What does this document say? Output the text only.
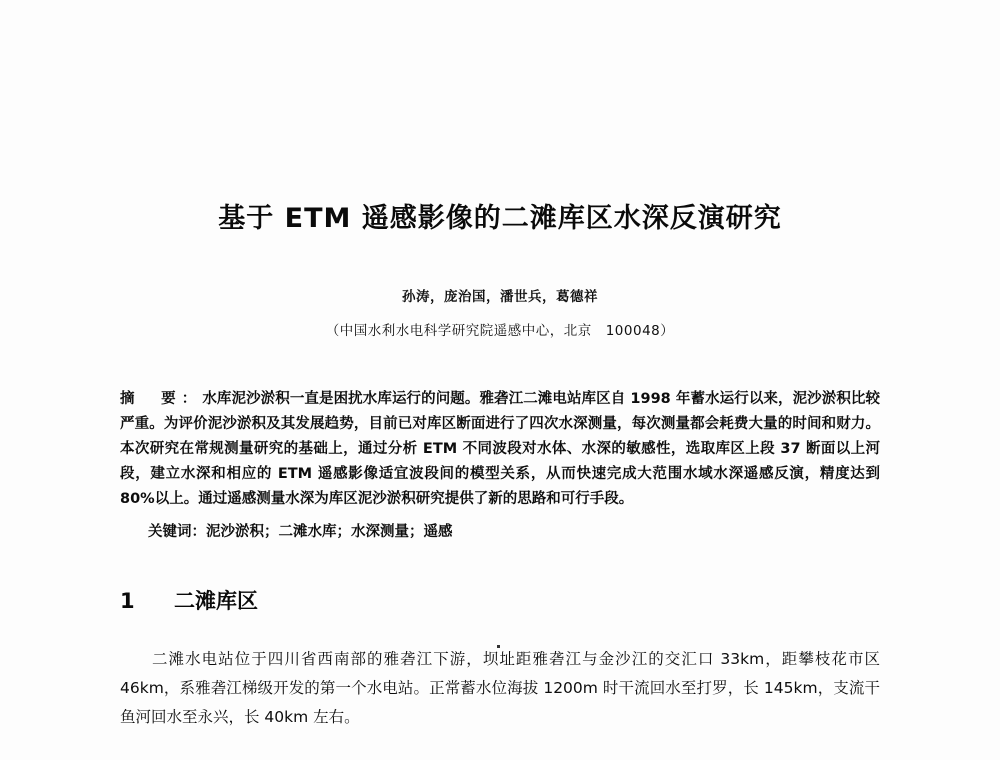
基于 ETM 遥感影像的二滩库区水深反演研究
孙涛，庞治国，潘世兵，葛德祥
（中国水利水电科学研究院遥感中心，北京　100048）
摘　要：水库泥沙淤积一直是困扰水库运行的问题。雅砻江二滩电站库区自 1998 年蓄水运行以来，泥沙淤积比较严重。为评价泥沙淤积及其发展趋势，目前已对库区断面进行了四次水深测量，每次测量都会耗费大量的时间和财力。本次研究在常规测量研究的基础上，通过分析 ETM 不同波段对水体、水深的敏感性，选取库区上段 37 断面以上河段，建立水深和相应的 ETM 遥感影像适宜波段间的模型关系，从而快速完成大范围水域水深遥感反演，精度达到 80%以上。通过遥感测量水深为库区泥沙淤积研究提供了新的思路和可行手段。
关键词：泥沙淤积；二滩水库；水深测量；遥感
1 二滩库区
二滩水电站位于四川省西南部的雅砻江下游，坝址距雅砻江与金沙江的交汇口 33km，距攀枝花市区 46km，系雅砻江梯级开发的第一个水电站。正常蓄水位海拔 1200m 时干流回水至打罗，长 145km，支流干鱼河回水至永兴，长 40km 左右。
